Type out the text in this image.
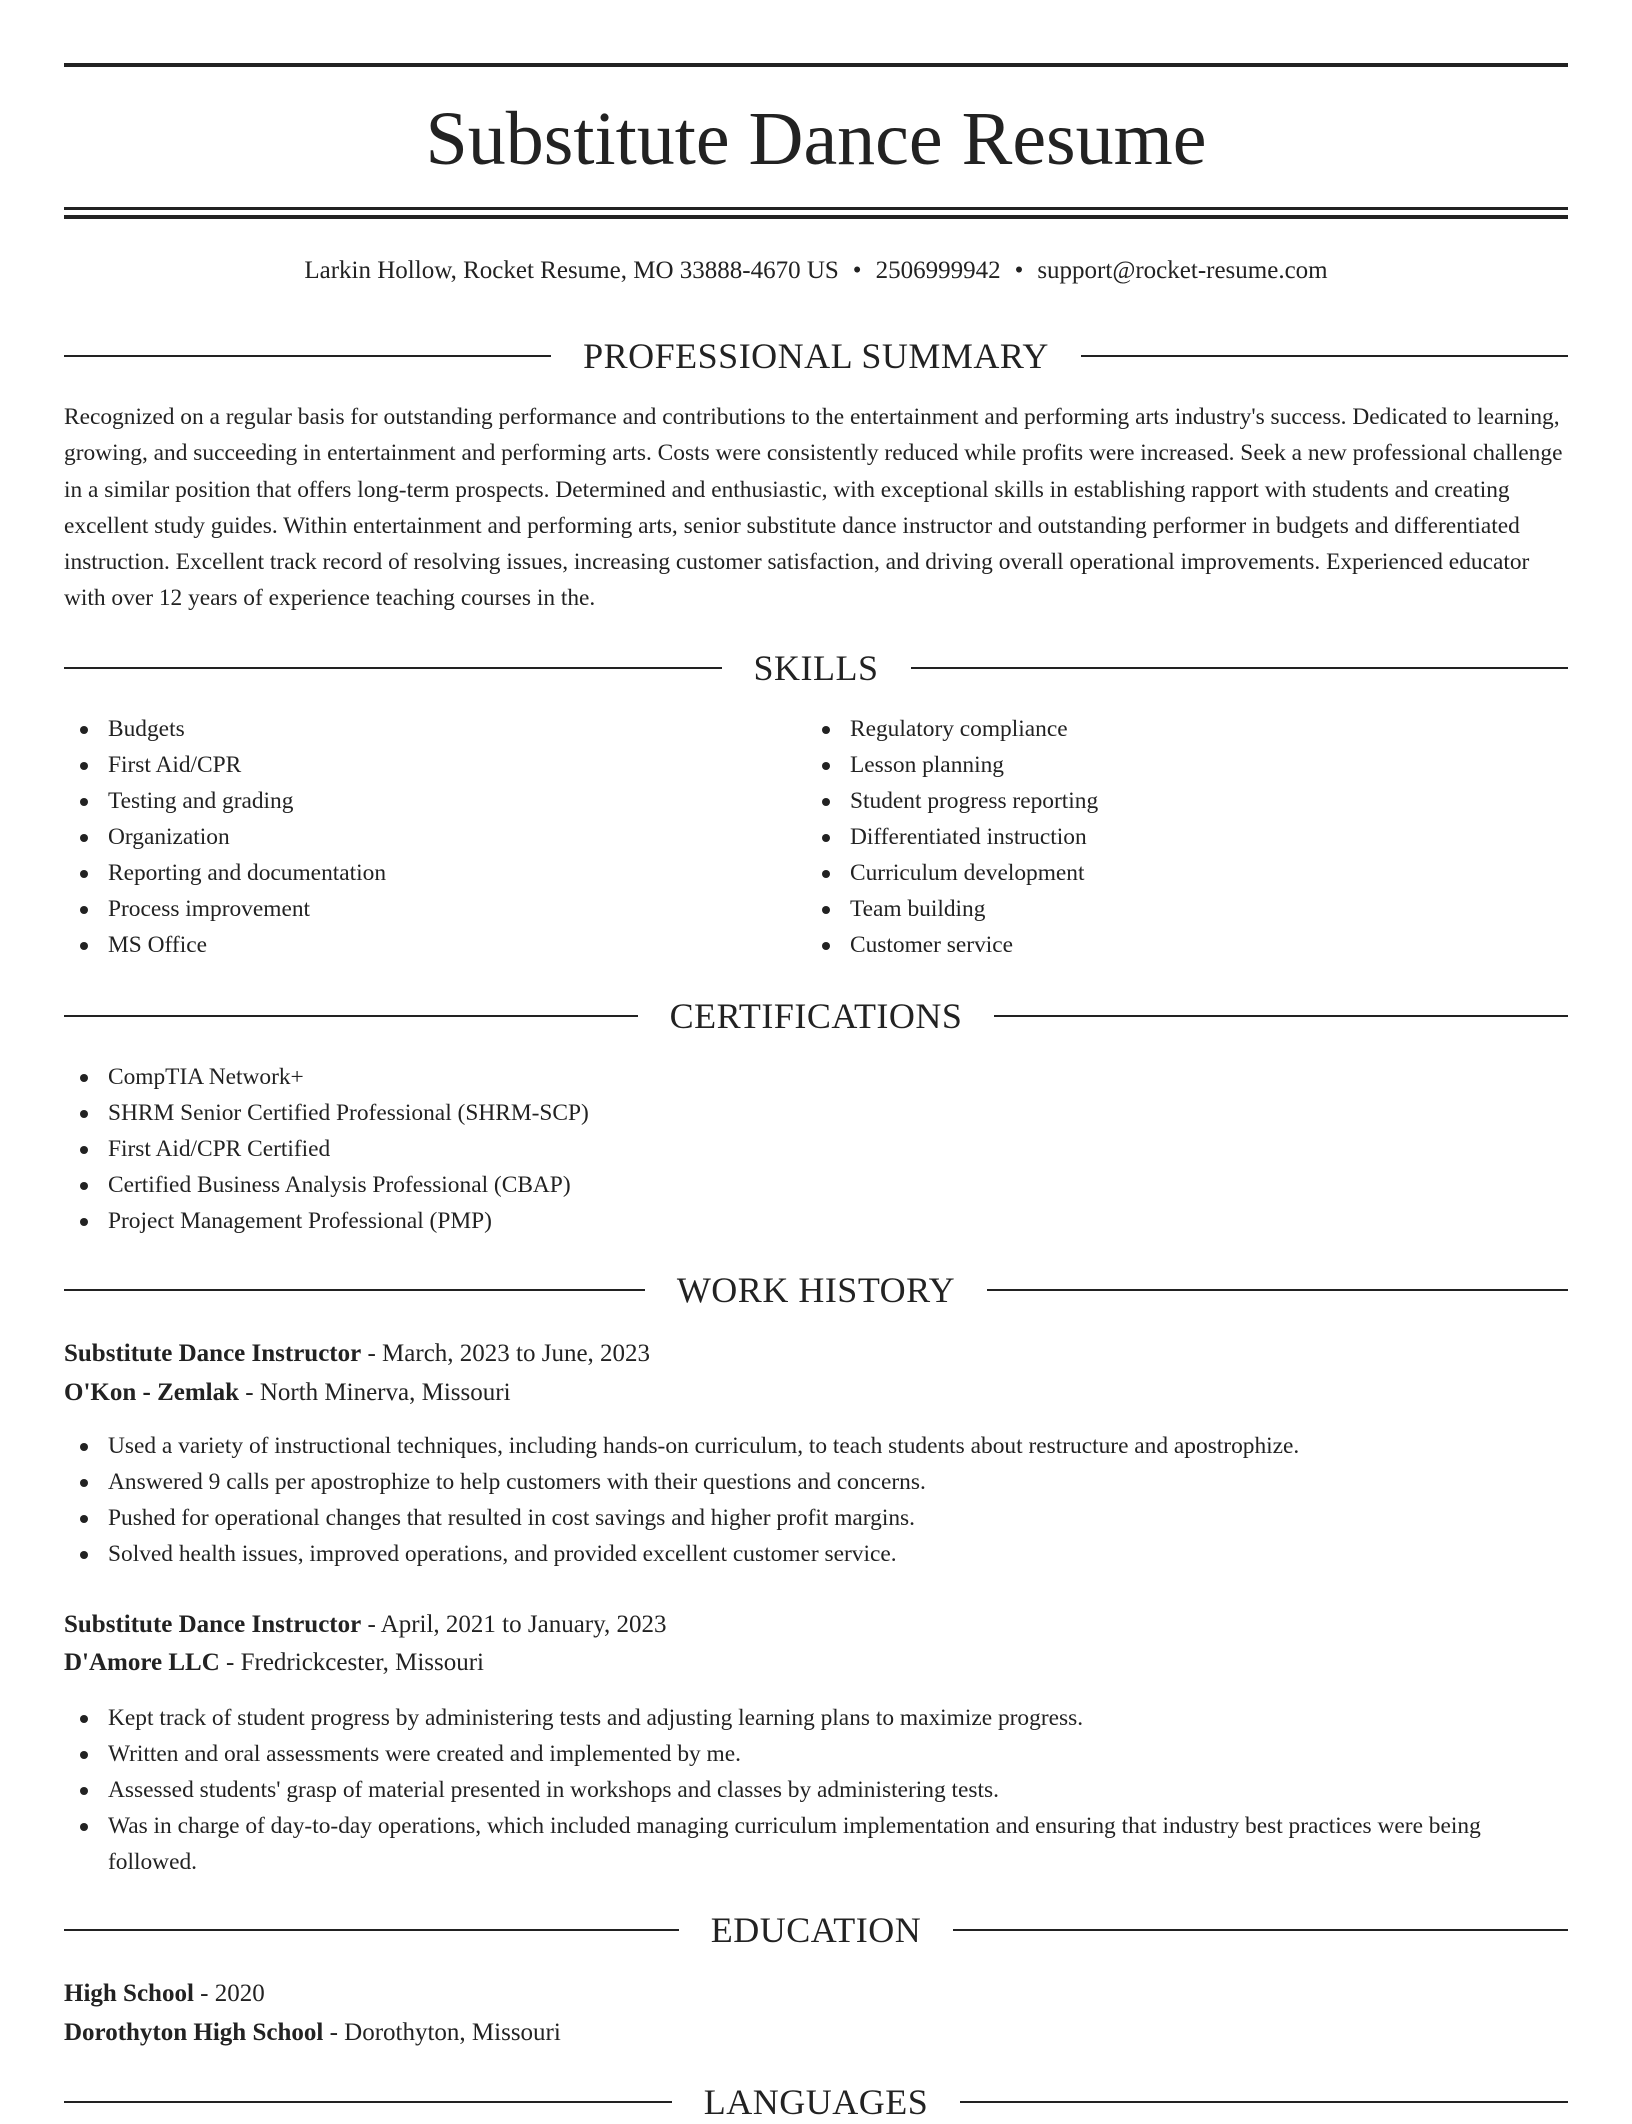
Substitute Dance Resume
Larkin Hollow, Rocket Resume, MO 33888-4670 US • 2506999942 • support@rocket-resume.com
PROFESSIONAL SUMMARY

Recognized on a regular basis for outstanding performance and contributions to the entertainment and performing arts industry's success. Dedicated to learning, growing, and succeeding in entertainment and performing arts. Costs were consistently reduced while profits were increased. Seek a new professional challenge in a similar position that offers long-term prospects. Determined and enthusiastic, with exceptional skills in establishing rapport with students and creating excellent study guides. Within entertainment and performing arts, senior substitute dance instructor and outstanding performer in budgets and differentiated instruction. Excellent track record of resolving issues, increasing customer satisfaction, and driving overall operational improvements. Experienced educator with over 12 years of experience teaching courses in the.

SKILLS
Budgets
First Aid/CPR
Testing and grading
Organization
Reporting and documentation
Process improvement
MS Office
Regulatory compliance
Lesson planning
Student progress reporting
Differentiated instruction
Curriculum development
Team building
Customer service
CERTIFICATIONS
CompTIA Network+
SHRM Senior Certified Professional (SHRM-SCP)
First Aid/CPR Certified
Certified Business Analysis Professional (CBAP)
Project Management Professional (PMP)
WORK HISTORY
Substitute Dance Instructor - March, 2023 to June, 2023
O'Kon - Zemlak - North Minerva, Missouri
Used a variety of instructional techniques, including hands-on curriculum, to teach students about restructure and apostrophize.
Answered 9 calls per apostrophize to help customers with their questions and concerns.
Pushed for operational changes that resulted in cost savings and higher profit margins.
Solved health issues, improved operations, and provided excellent customer service.
Substitute Dance Instructor - April, 2021 to January, 2023
D'Amore LLC - Fredrickcester, Missouri
Kept track of student progress by administering tests and adjusting learning plans to maximize progress.
Written and oral assessments were created and implemented by me.
Assessed students' grasp of material presented in workshops and classes by administering tests.
Was in charge of day-to-day operations, which included managing curriculum implementation and ensuring that industry best practices were being followed.
EDUCATION
High School - 2020
Dorothyton High School - Dorothyton, Missouri
LANGUAGES
